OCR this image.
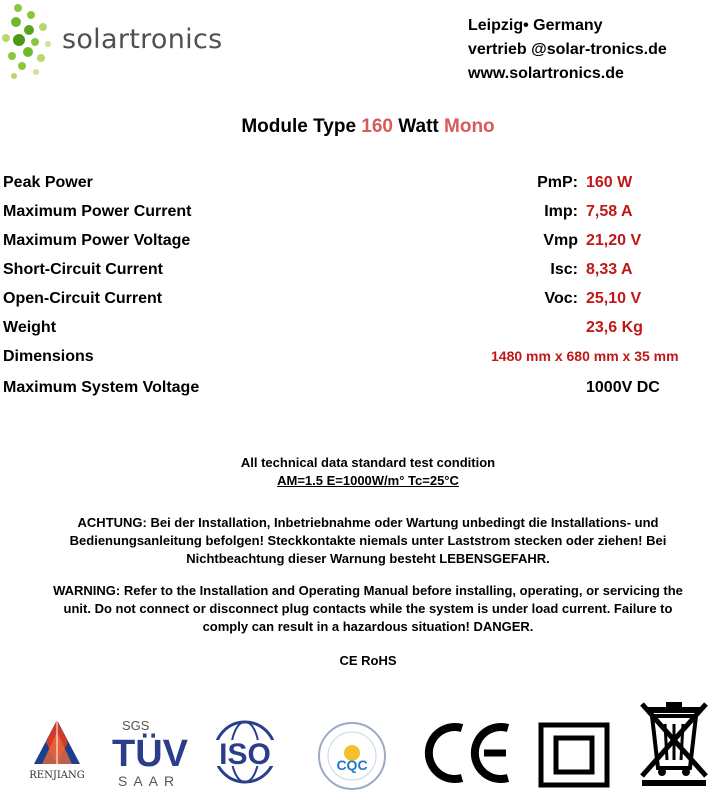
solartronics	Leipzig• Germany
vertrieb @solar-tronics.de
www.solartronics.de
Module Type 160 Watt Mono
Peak Power	PmP: 160 W
Maximum Power Current	Imp: 7,58 A
Maximum Power Voltage	Vmp 21,20 V
Short-Circuit Current	Isc: 8,33 A
Open-Circuit Current	Voc: 25,10 V
Weight	23,6 Kg
Dimensions	1480 mm x 680 mm x 35 mm
Maximum System Voltage	1000V DC
All technical data standard test condition
AM=1.5 E=1000W/m° Tc=25°C
ACHTUNG: Bei der Installation, Inbetriebnahme oder Wartung unbedingt die Installations- und
Bedienungsanleitung befolgen! Steckkontakte niemals unter Laststrom stecken oder ziehen! Bei
Nichtbeachtung dieser Warnung besteht LEBENSGEFAHR.
WARNING: Refer to the Installation and Operating Manual before installing, operating, or servicing the
unit. Do not connect or disconnect plug contacts while the system is under load current. Failure to
comply can result in a hazardous situation! DANGER.
CE RoHS
RENJIANG
SGS
TÜV
SAAR
ISO	CQC
